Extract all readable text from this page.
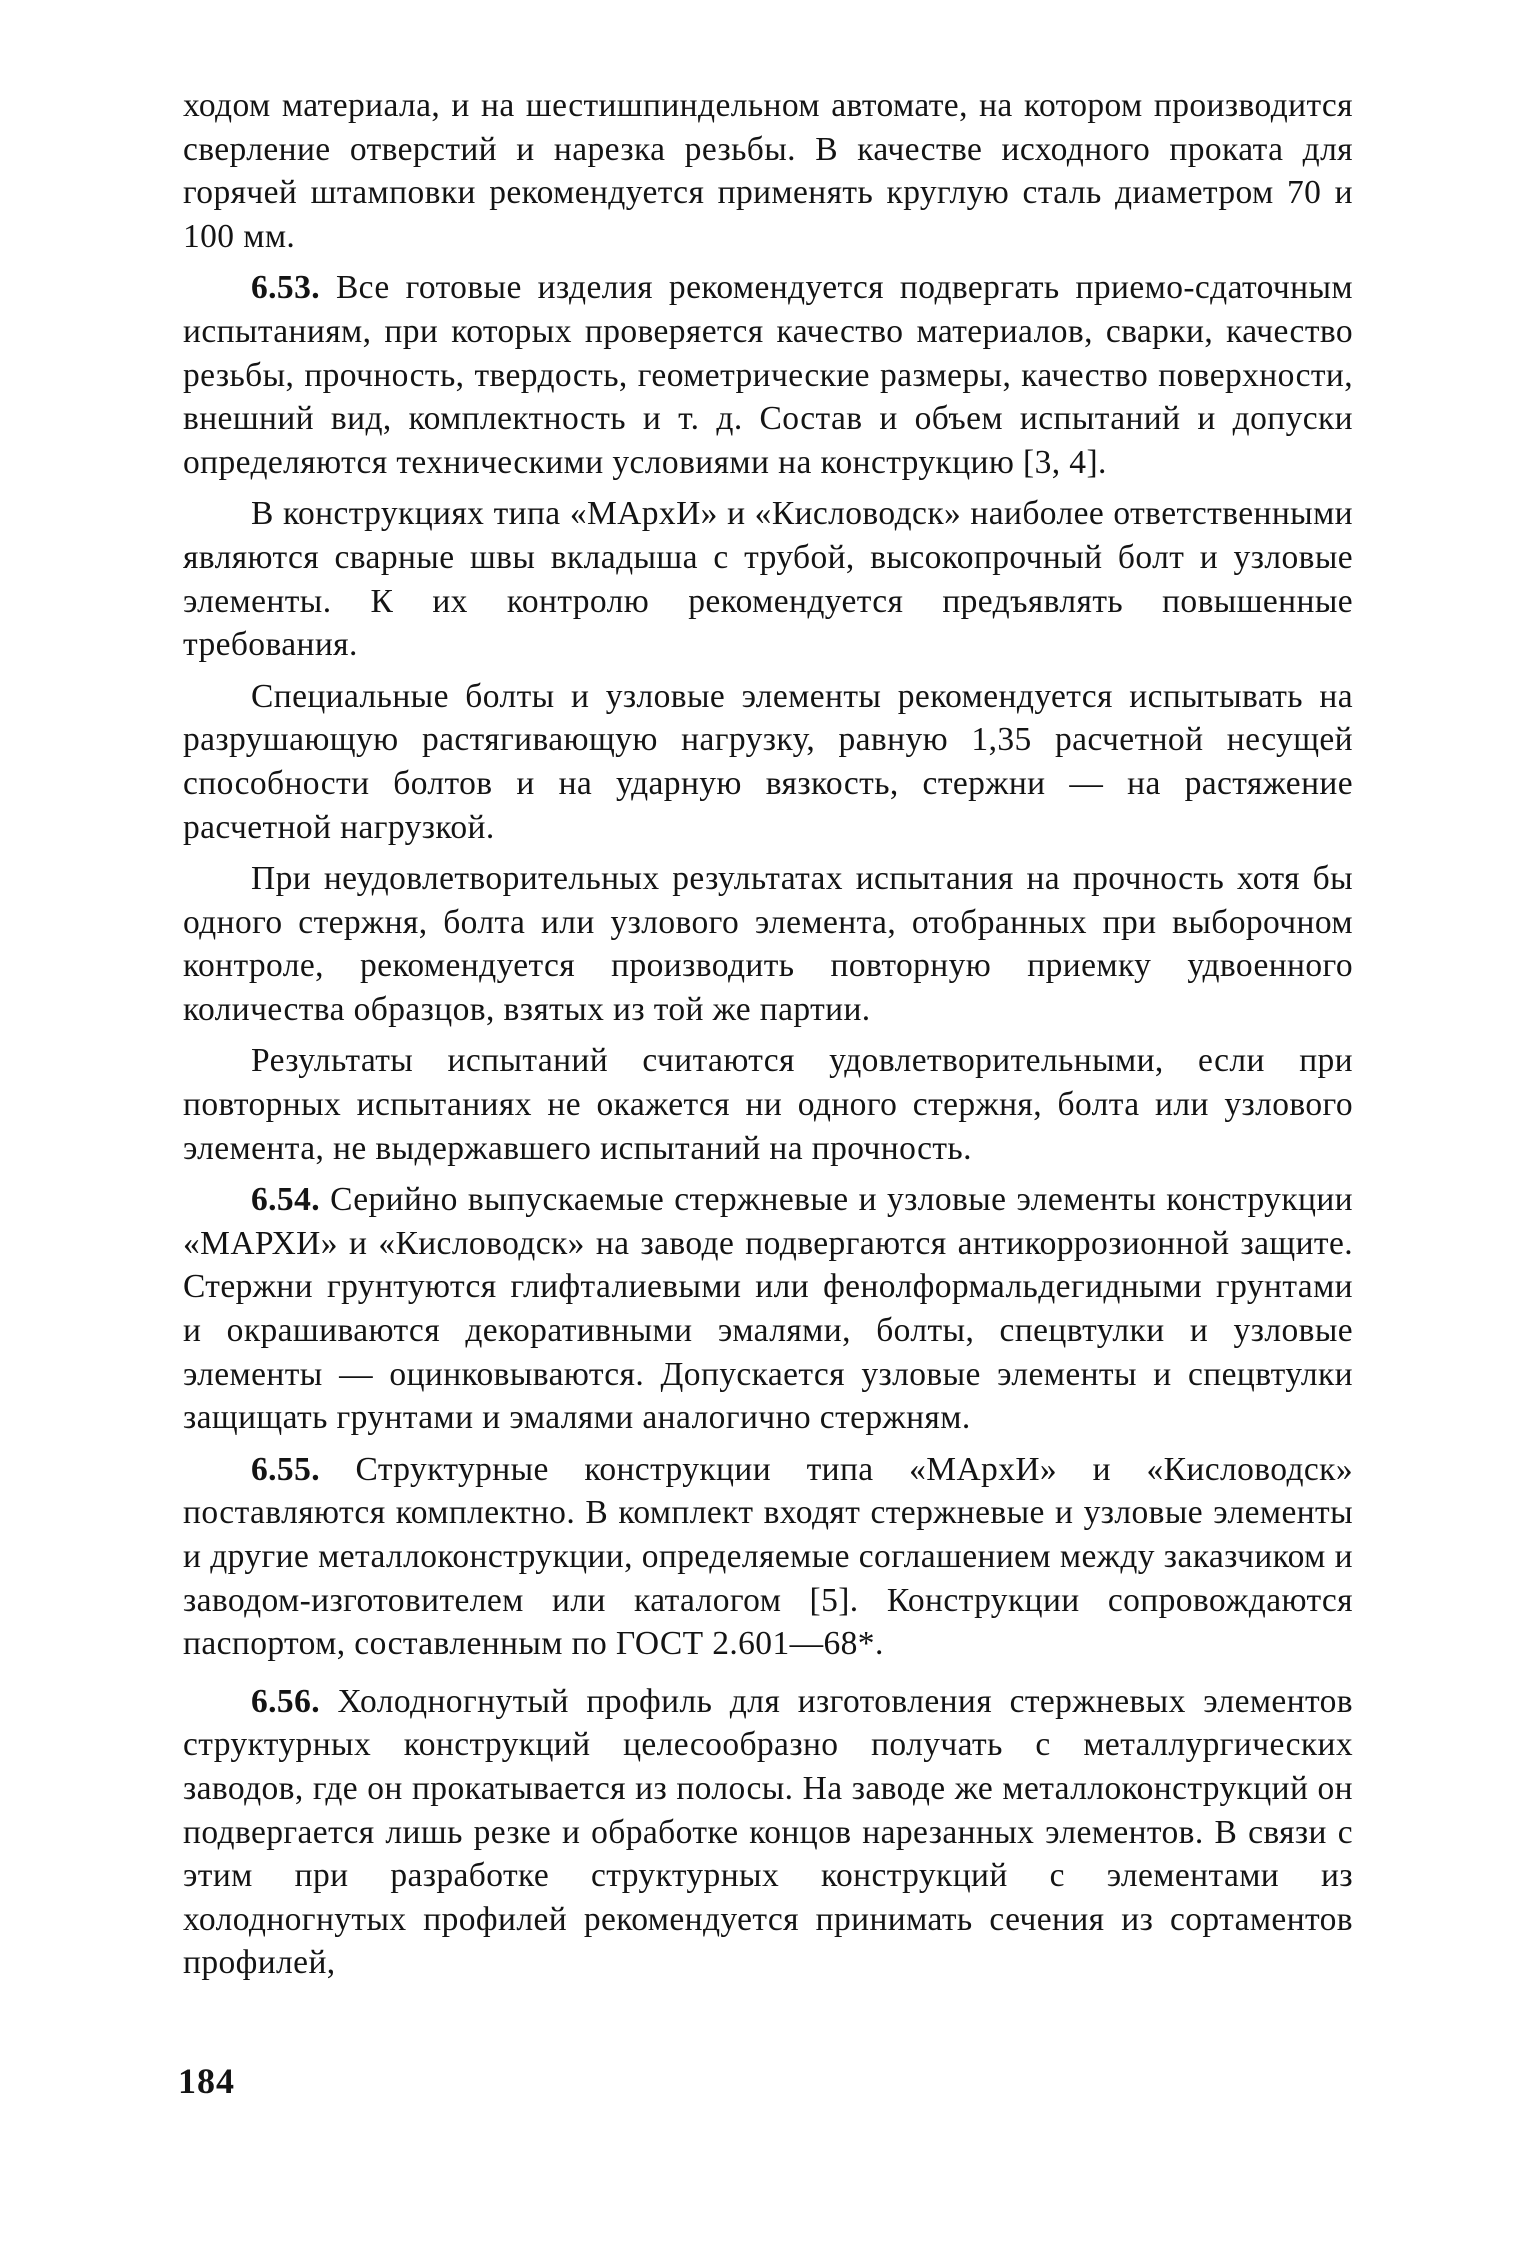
ходом материала, и на шестишпиндельном автомате, на котором производится сверление отверстий и нарезка резьбы. В качестве исходного проката для горячей штамповки рекомендуется применять круглую сталь диаметром 70 и 100 мм.

6.53. Все готовые изделия рекомендуется подвергать приемо-сдаточным испытаниям, при которых проверяется качество материалов, сварки, качество резьбы, прочность, твердость, геометрические размеры, качество поверхности, внешний вид, комплектность и т. д. Состав и объем испытаний и допуски определяются техническими условиями на конструкцию [3, 4].

В конструкциях типа «МАрхИ» и «Кисловодск» наиболее ответственными являются сварные швы вкладыша с трубой, высокопрочный болт и узловые элементы. К их контролю рекомендуется предъявлять повышенные требования.

Специальные болты и узловые элементы рекомендуется испытывать на разрушающую растягивающую нагрузку, равную 1,35 расчетной несущей способности болтов и на ударную вязкость, стержни — на растяжение расчетной нагрузкой.

При неудовлетворительных результатах испытания на прочность хотя бы одного стержня, болта или узлового элемента, отобранных при выборочном контроле, рекомендуется производить повторную приемку удвоенного количества образцов, взятых из той же партии.

Результаты испытаний считаются удовлетворительными, если при повторных испытаниях не окажется ни одного стержня, болта или узлового элемента, не выдержавшего испытаний на прочность.

6.54. Серийно выпускаемые стержневые и узловые элементы конструкции «МАРХИ» и «Кисловодск» на заводе подвергаются антикоррозионной защите. Стержни грунтуются глифталиевыми или фенолформальдегидными грунтами и окрашиваются декоративными эмалями, болты, спецвтулки и узловые элементы — оцинковываются. Допускается узловые элементы и спецвтулки защищать грунтами и эмалями аналогично стержням.

6.55. Структурные конструкции типа «МАрхИ» и «Кисловодск» поставляются комплектно. В комплект входят стержневые и узловые элементы и другие металлоконструкции, определяемые соглашением между заказчиком и заводом-изготовителем или каталогом [5]. Конструкции сопровождаются паспортом, составленным по ГОСТ 2.601—68*.

6.56. Холодногнутый профиль для изготовления стержневых элементов структурных конструкций целесообразно получать с металлургических заводов, где он прокатывается из полосы. На заводе же металлоконструкций он подвергается лишь резке и обработке концов нарезанных элементов. В связи с этим при разработке структурных конструкций с элементами из холодногнутых профилей рекомендуется принимать сечения из сортаментов профилей,

184
